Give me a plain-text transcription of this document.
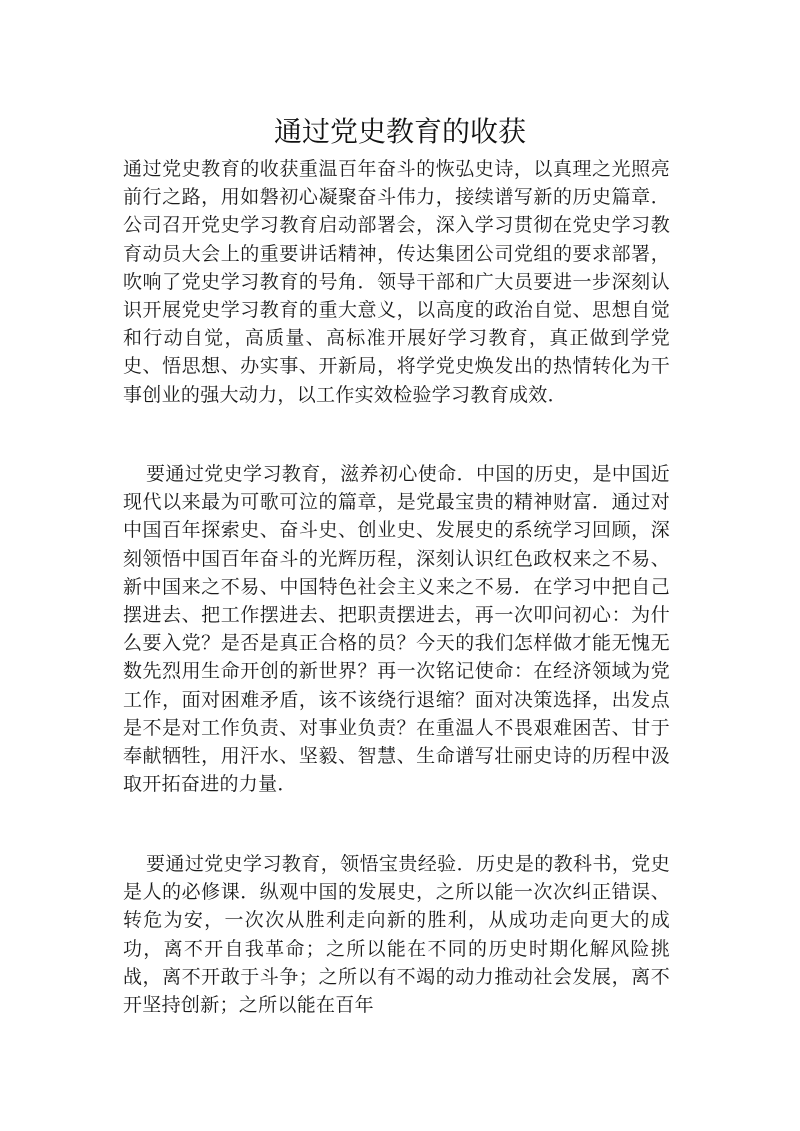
通过党史教育的收获

通过党史教育的收获重温百年奋斗的恢弘史诗，以真理之光照亮前行之路，用如磐初心凝聚奋斗伟力，接续谱写新的历史篇章．公司召开党史学习教育启动部署会，深入学习贯彻在党史学习教育动员大会上的重要讲话精神，传达集团公司党组的要求部署，吹响了党史学习教育的号角．领导干部和广大员要进一步深刻认识开展党史学习教育的重大意义，以高度的政治自觉、思想自觉和行动自觉，高质量、高标准开展好学习教育，真正做到学党史、悟思想、办实事、开新局，将学党史焕发出的热情转化为干事创业的强大动力，以工作实效检验学习教育成效．

要通过党史学习教育，滋养初心使命．中国的历史，是中国近现代以来最为可歌可泣的篇章，是党最宝贵的精神财富．通过对中国百年探索史、奋斗史、创业史、发展史的系统学习回顾，深刻领悟中国百年奋斗的光辉历程，深刻认识红色政权来之不易、新中国来之不易、中国特色社会主义来之不易．在学习中把自己摆进去、把工作摆进去、把职责摆进去，再一次叩问初心：为什么要入党？是否是真正合格的员？今天的我们怎样做才能无愧无数先烈用生命开创的新世界？再一次铭记使命：在经济领域为党工作，面对困难矛盾，该不该绕行退缩？面对决策选择，出发点是不是对工作负责、对事业负责？在重温人不畏艰难困苦、甘于奉献牺牲，用汗水、坚毅、智慧、生命谱写壮丽史诗的历程中汲取开拓奋进的力量．

要通过党史学习教育，领悟宝贵经验．历史是的教科书，党史是人的必修课．纵观中国的发展史，之所以能一次次纠正错误、转危为安，一次次从胜利走向新的胜利，从成功走向更大的成功，离不开自我革命；之所以能在不同的历史时期化解风险挑战，离不开敢于斗争；之所以有不竭的动力推动社会发展，离不开坚持创新；之所以能在百年
